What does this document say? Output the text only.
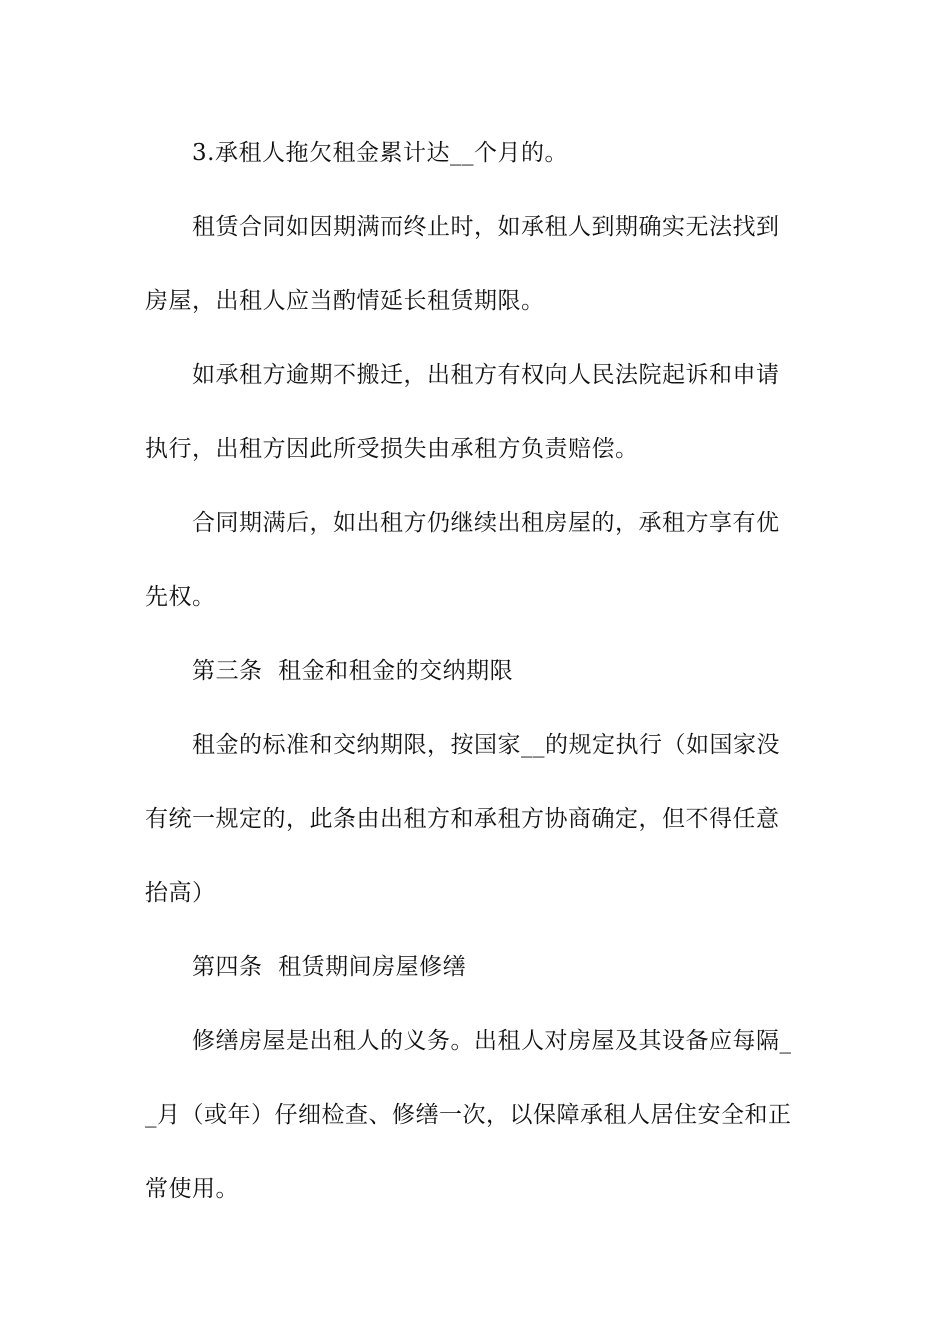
3.承租人拖欠租金累计达__个月的。

租赁合同如因期满而终止时，如承租人到期确实无法找到
房屋，出租人应当酌情延长租赁期限。

如承租方逾期不搬迁，出租方有权向人民法院起诉和申请
执行，出租方因此所受损失由承租方负责赔偿。

合同期满后，如出租方仍继续出租房屋的，承租方享有优
先权。

第三条  租金和租金的交纳期限

租金的标准和交纳期限，按国家__的规定执行（如国家没
有统一规定的，此条由出租方和承租方协商确定，但不得任意
抬高）

第四条  租赁期间房屋修缮

修缮房屋是出租人的义务。出租人对房屋及其设备应每隔_
_月（或年）仔细检查、修缮一次，以保障承租人居住安全和正
常使用。
